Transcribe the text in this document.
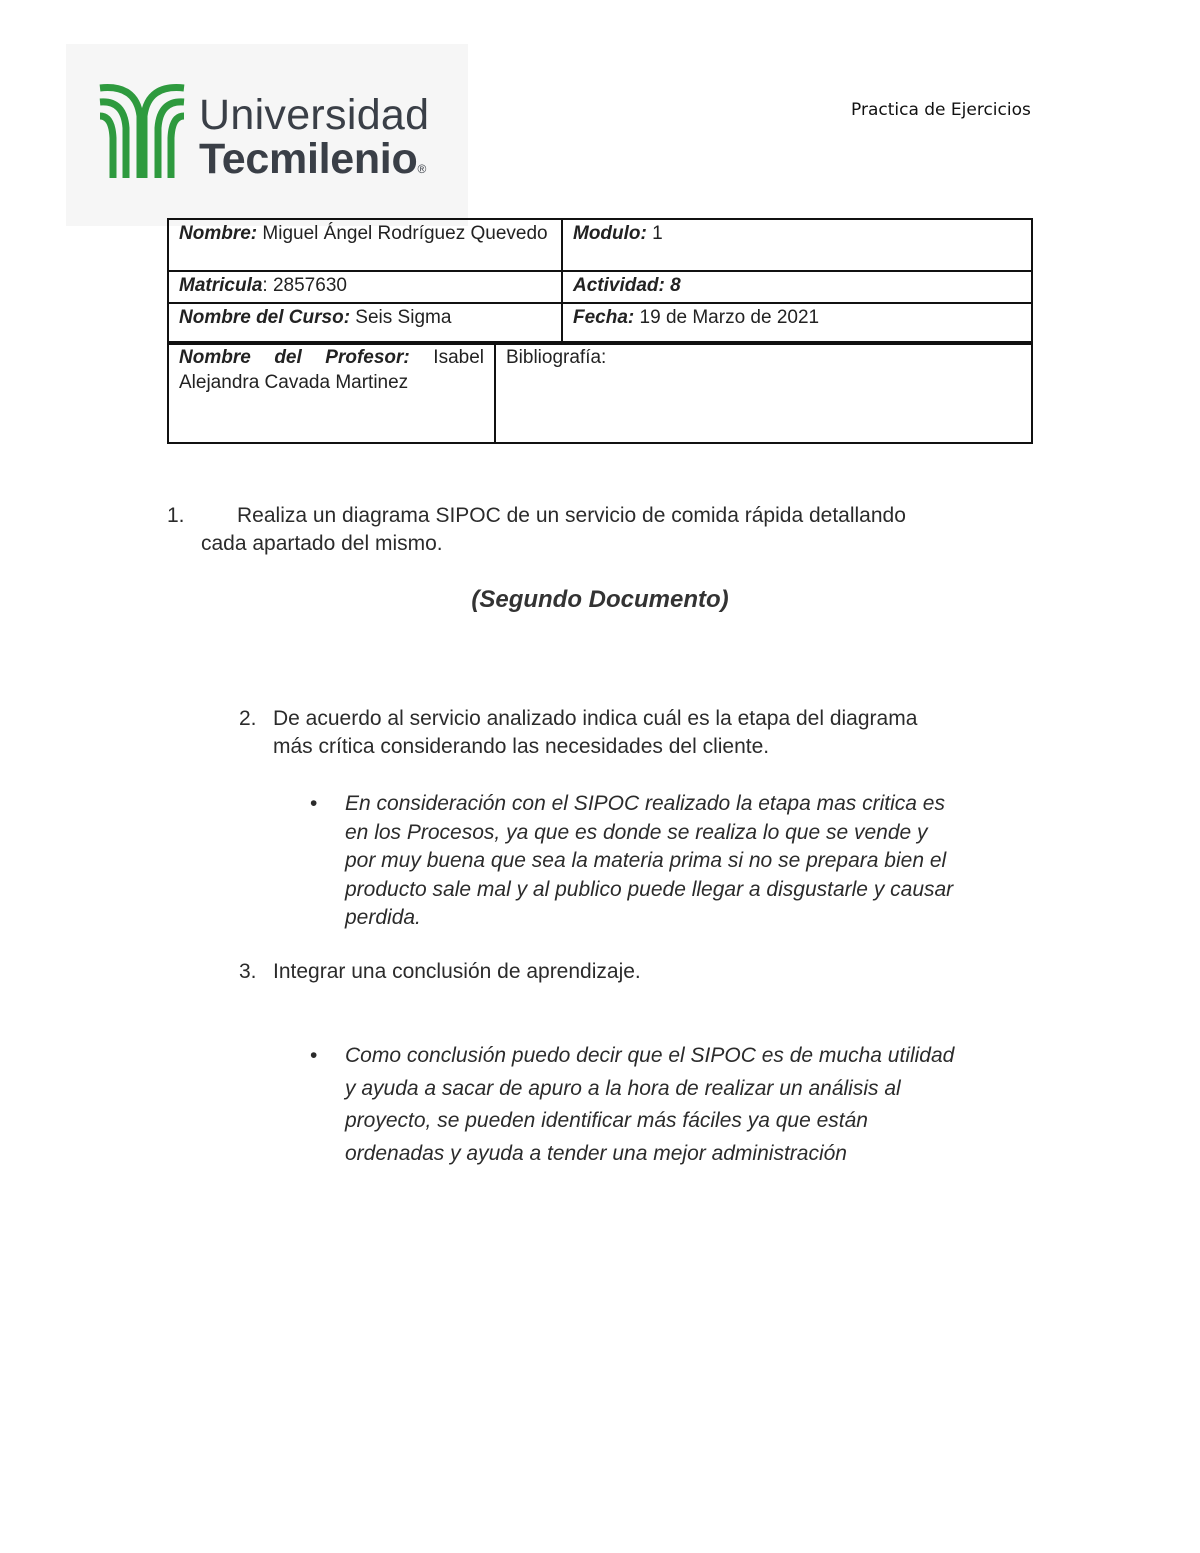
Universidad
Tecmilenio®
Practica de Ejercicios
Nombre: Miguel Ángel Rodríguez Quevedo	Modulo: 1
Matricula: 2857630	Actividad: 8
Nombre del Curso: Seis Sigma	Fecha: 19 de Marzo de 2021
Nombre del Profesor: Isabel Alejandra Cavada Martinez	Bibliografía:
1. Realiza un diagrama SIPOC de un servicio de comida rápida detallando
cada apartado del mismo.
(Segundo Documento)
2. De acuerdo al servicio analizado indica cuál es la etapa del diagrama
más crítica considerando las necesidades del cliente.
• En consideración con el SIPOC realizado la etapa mas critica es
en los Procesos, ya que es donde se realiza lo que se vende y
por muy buena que sea la materia prima si no se prepara bien el
producto sale mal y al publico puede llegar a disgustarle y causar
perdida.
3. Integrar una conclusión de aprendizaje.
• Como conclusión puedo decir que el SIPOC es de mucha utilidad
y ayuda a sacar de apuro a la hora de realizar un análisis al
proyecto, se pueden identificar más fáciles ya que están
ordenadas y ayuda a tender una mejor administración
